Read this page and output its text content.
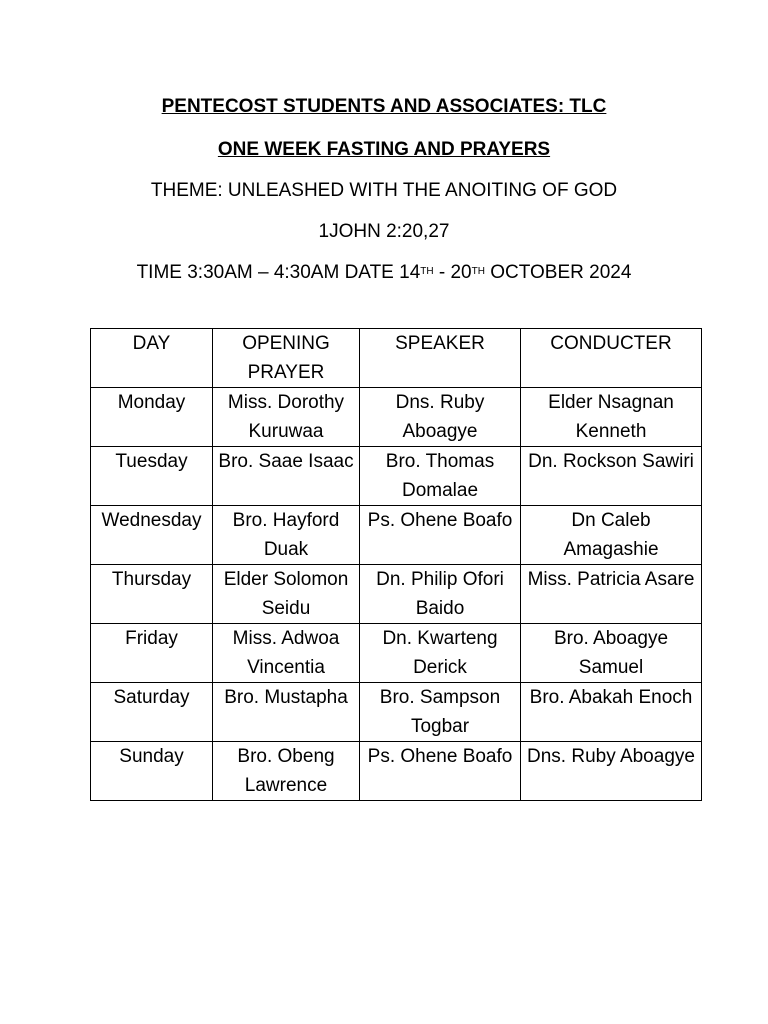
PENTECOST STUDENTS AND ASSOCIATES: TLC
ONE WEEK FASTING AND PRAYERS
THEME: UNLEASHED WITH THE ANOITING OF GOD
1JOHN 2:20,27
TIME 3:30AM – 4:30AM DATE 14TH - 20TH OCTOBER 2024
DAY	OPENING PRAYER	SPEAKER	CONDUCTER
Monday	Miss. Dorothy Kuruwaa	Dns. Ruby Aboagye	Elder Nsagnan Kenneth
Tuesday	Bro. Saae Isaac	Bro. Thomas Domalae	Dn. Rockson Sawiri
Wednesday	Bro. Hayford Duak	Ps. Ohene Boafo	Dn Caleb Amagashie
Thursday	Elder Solomon Seidu	Dn. Philip Ofori Baido	Miss. Patricia Asare
Friday	Miss. Adwoa Vincentia	Dn. Kwarteng Derick	Bro. Aboagye Samuel
Saturday	Bro. Mustapha	Bro. Sampson Togbar	Bro. Abakah Enoch
Sunday	Bro. Obeng Lawrence	Ps. Ohene Boafo	Dns. Ruby Aboagye
